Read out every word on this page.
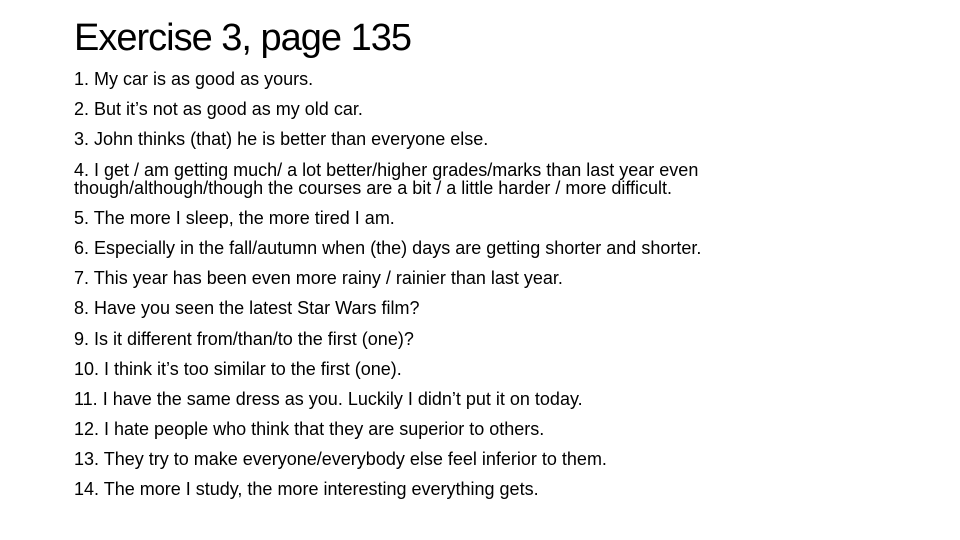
Exercise 3, page 135
1. My car is as good as yours.
2. But it’s not as good as my old car.
3. John thinks (that) he is better than everyone else.
4. I get / am getting much/ a lot better/higher grades/marks than last year even though/although/though the courses are a bit / a little harder / more difficult.
5. The more I sleep, the more tired I am.
6. Especially in the fall/autumn when (the) days are getting shorter and shorter.
7. This year has been even more rainy / rainier than last year.
8. Have you seen the latest Star Wars film?
9. Is it different from/than/to the first (one)?
10. I think it’s too similar to the first (one).
11. I have the same dress as you. Luckily I didn’t put it on today.
12. I hate people who think that they are superior to others.
13. They try to make everyone/everybody else feel inferior to them.
14. The more I study, the more interesting everything gets.
